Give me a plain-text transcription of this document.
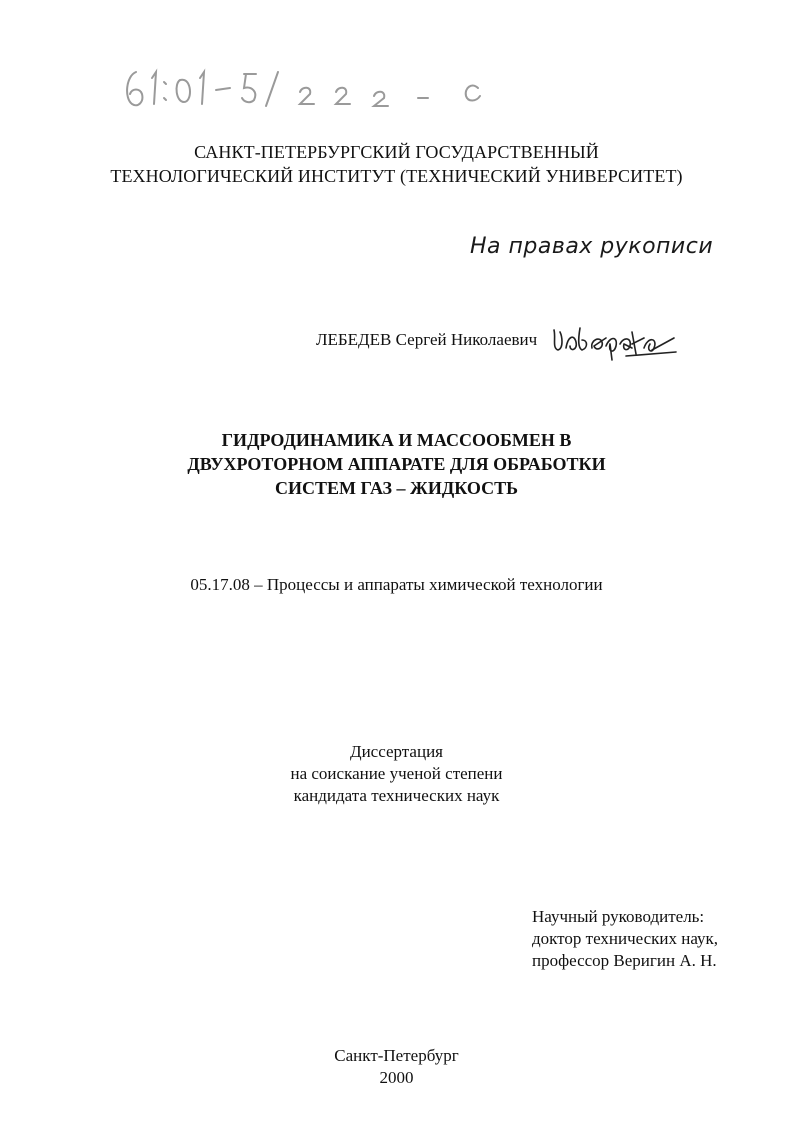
САНКТ-ПЕТЕРБУРГСКИЙ ГОСУДАРСТВЕННЫЙ
ТЕХНОЛОГИЧЕСКИЙ ИНСТИТУТ (ТЕХНИЧЕСКИЙ УНИВЕРСИТЕТ)
На правах рукописи
ЛЕБЕДЕВ Сергей Николаевич
ГИДРОДИНАМИКА И МАССООБМЕН В
ДВУХРОТОРНОМ АППАРАТЕ ДЛЯ ОБРАБОТКИ
СИСТЕМ ГАЗ – ЖИДКОСТЬ
05.17.08 – Процессы и аппараты химической технологии
Диссертация
на соискание ученой степени
кандидата технических наук
Научный руководитель:
доктор технических наук,
профессор Веригин А. Н.
Санкт-Петербург
2000
